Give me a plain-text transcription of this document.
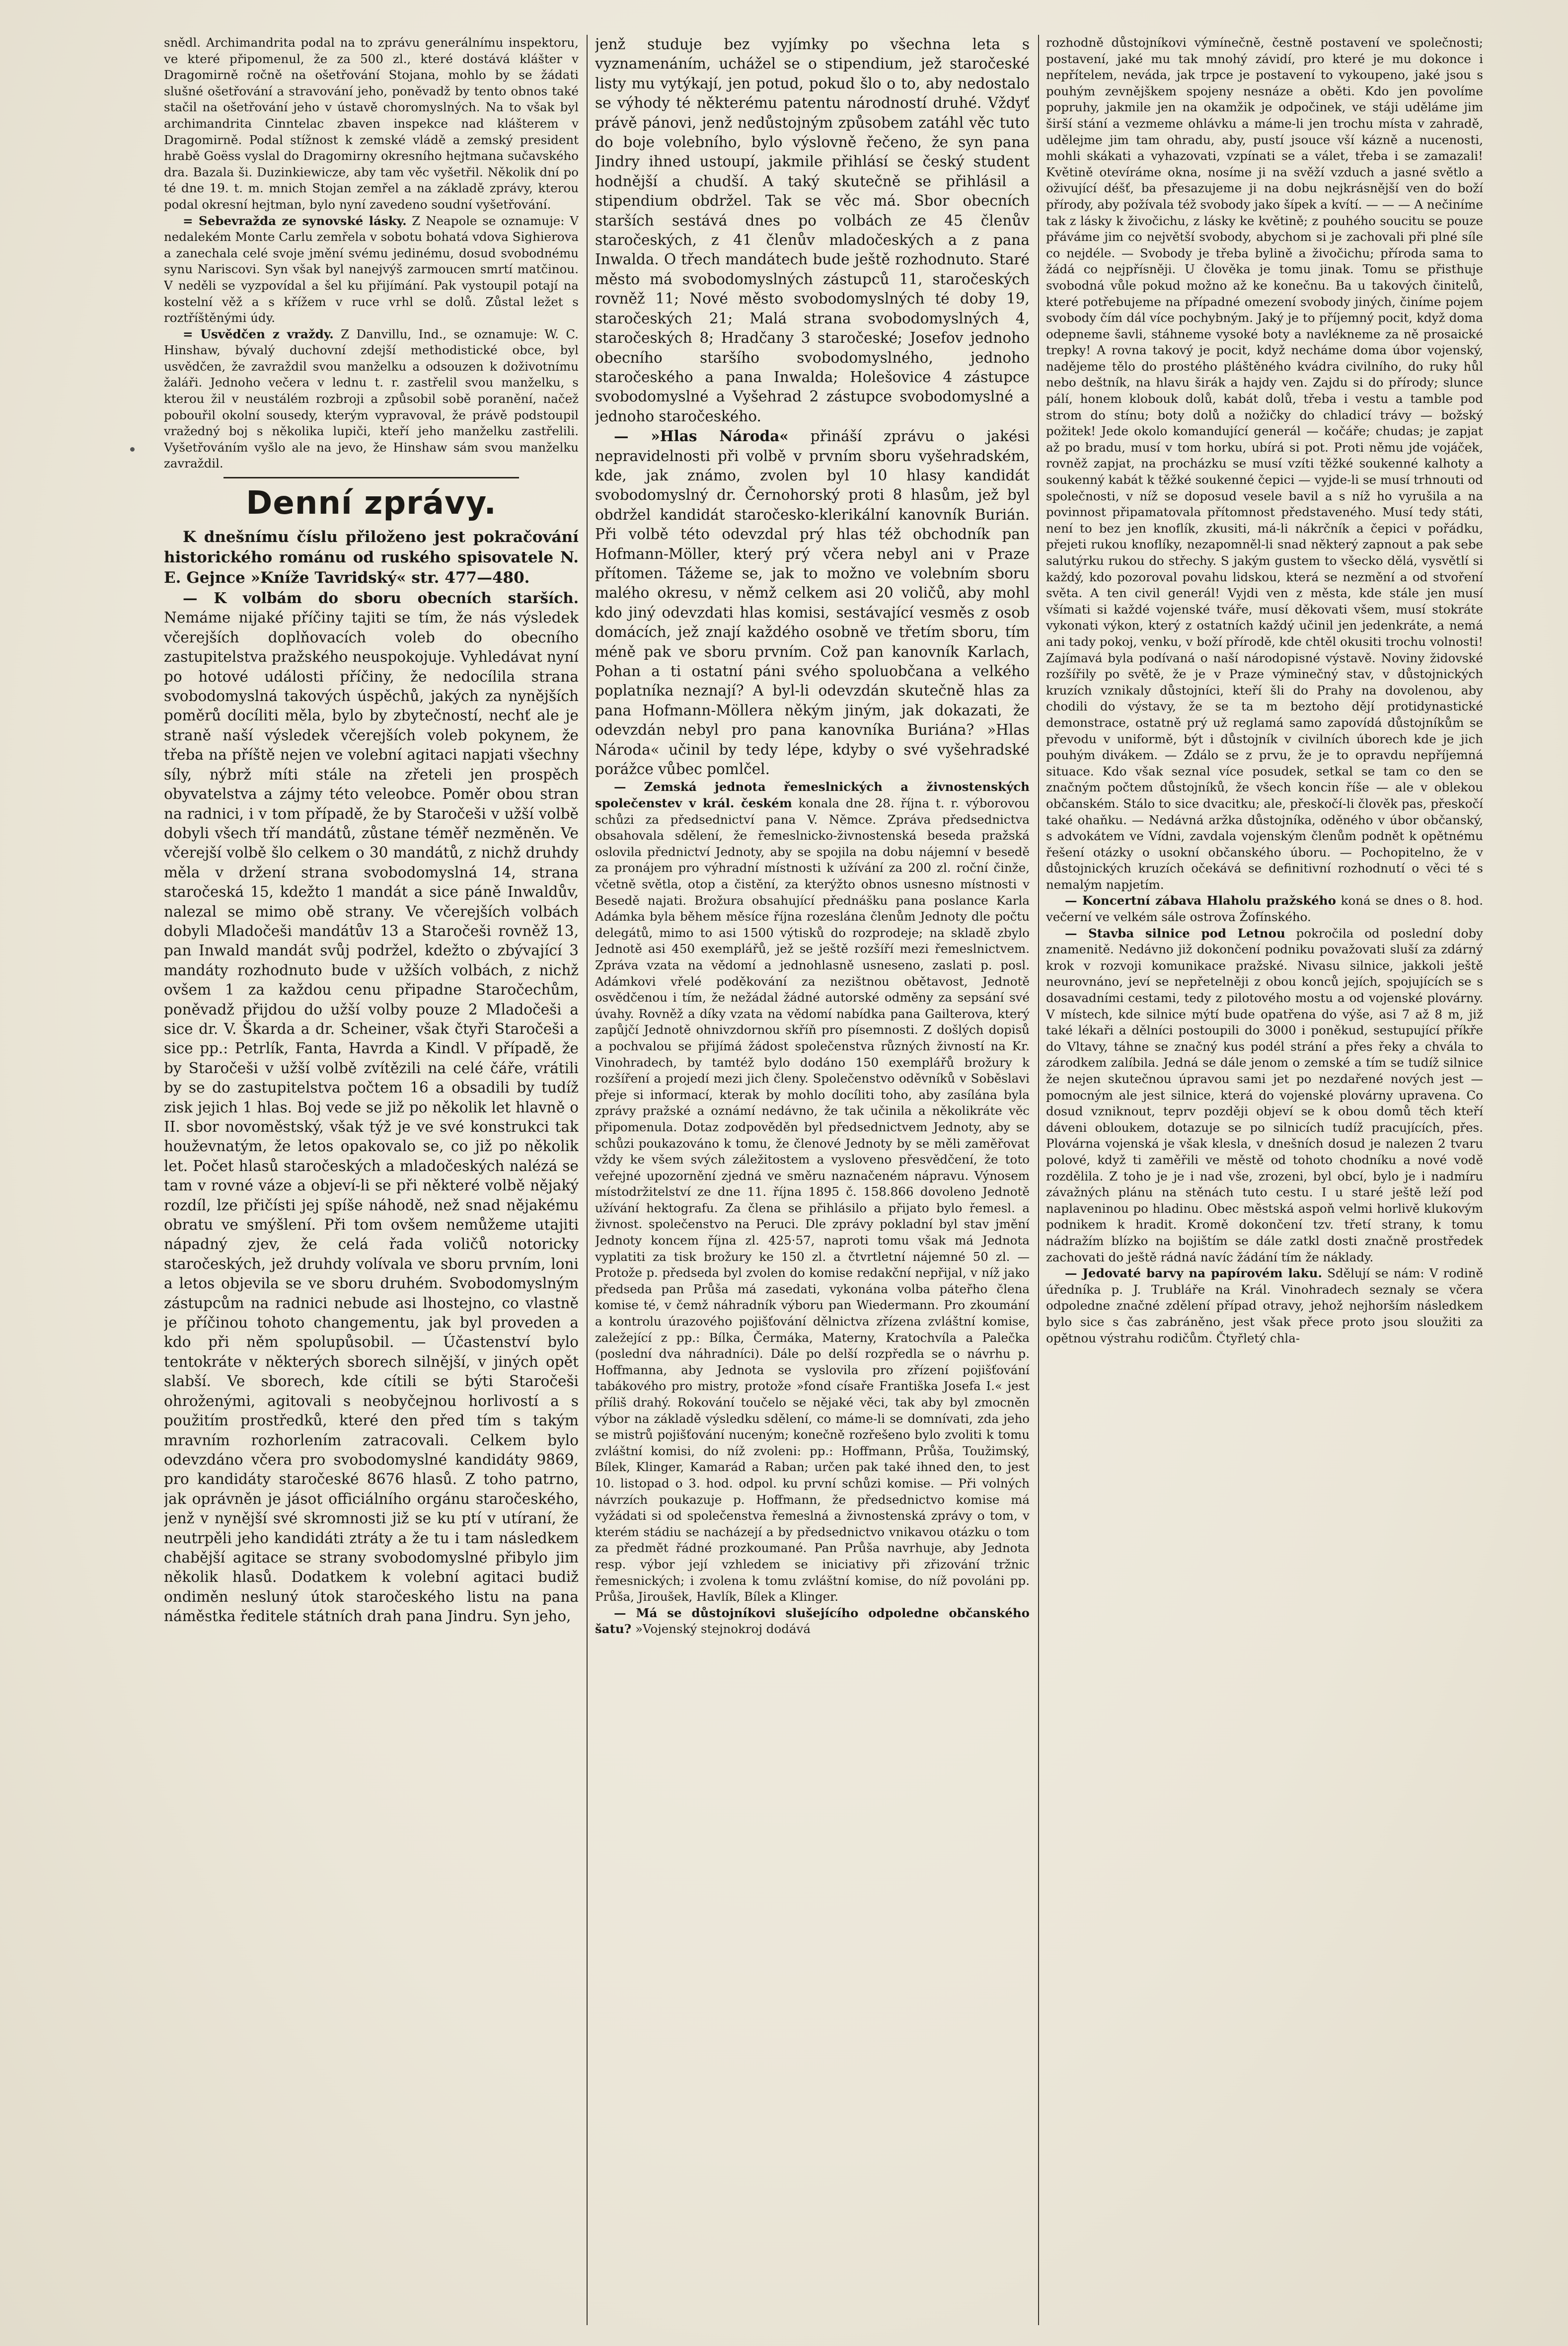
snědl. Archimandrita podal na to zprávu generálnímu inspektoru, ve které připomenul, že za 500 zl., které dostává klášter v Dragomirně ročně na ošetřování Stojana, mohlo by se žádati slušné ošetřování a stravování jeho, poněvadž by tento obnos také stačil na ošetřování jeho v ústavě choromyslných. Na to však byl archimandrita Cinntelac zbaven inspekce nad klášterem v Dragomirně. Podal stížnost k zemské vládě a zemský president hrabě Goëss vyslal do Dragomirny okresního hejtmana sučavského dra. Bazala ši. Duzinkiewicze, aby tam věc vyšetřil. Několik dní po té dne 19. t. m. mnich Stojan zemřel a na základě zprávy, kterou podal okresní hejtman, bylo nyní zavedeno soudní vyšetřování.

= Sebevražda ze synovské lásky. Z Neapole se oznamuje: V nedalekém Monte Carlu zemřela v sobotu bohatá vdova Sighierova a zanechala celé svoje jmění svému jedinému, dosud svobodnému synu Nariscovi. Syn však byl nanejvýš zarmoucen smrtí matčinou. V neděli se vyzpovídal a šel ku přijímání. Pak vystoupil potají na kostelní věž a s křížem v ruce vrhl se dolů. Zůstal ležet s roztříštěnými údy.

= Usvědčen z vraždy. Z Danvillu, Ind., se oznamuje: W. C. Hinshaw, bývalý duchovní zdejší methodistické obce, byl usvědčen, že zavraždil svou manželku a odsouzen k doživotnímu žaláři. Jednoho večera v lednu t. r. zastřelil svou manželku, s kterou žil v neustálém rozbroji a způsobil sobě poranění, načež pobouřil okolní sousedy, kterým vypravoval, že právě podstoupil vražedný boj s několika lupiči, kteří jeho manželku zastřelili. Vyšetřováním vyšlo ale na jevo, že Hinshaw sám svou manželku zavraždil.

Denní zprávy.

K dnešnímu číslu přiloženo jest pokračování historického románu od ruského spisovatele N. E. Gejnce »Kníže Tavridský« str. 477—480.

— K volbám do sboru obecních starších. Nemáme nijaké příčiny tajiti se tím, že nás výsledek včerejších doplňovacích voleb do obecního zastupitelstva pražského neuspokojuje. Vyhledávat nyní po hotové události příčiny, že nedocílila strana svobodomyslná takových úspěchů, jakých za nynějších poměrů docíliti měla, bylo by zbytečností, nechť ale je straně naší výsledek včerejších voleb pokynem, že třeba na příště nejen ve volební agitaci napjati všechny síly, nýbrž míti stále na zřeteli jen prospěch obyvatelstva a zájmy této veleobce. Poměr obou stran na radnici, i v tom případě, že by Staročeši v užší volbě dobyli všech tří mandátů, zůstane téměř nezměněn. Ve včerejší volbě šlo celkem o 30 mandátů, z nichž druhdy měla v držení strana svobodomyslná 14, strana staročeská 15, kdežto 1 mandát a sice páně Inwaldův, nalezal se mimo obě strany. Ve včerejších volbách dobyli Mladočeši mandátův 13 a Staročeši rovněž 13, pan Inwald mandát svůj podržel, kdežto o zbývající 3 mandáty rozhodnuto bude v užších volbách, z nichž ovšem 1 za každou cenu připadne Staročechům, poněvadž přijdou do užší volby pouze 2 Mladočeši a sice dr. V. Škarda a dr. Scheiner, však čtyři Staročeši a sice pp.: Petrlík, Fanta, Havrda a Kindl. V případě, že by Staročeši v užší volbě zvítězili na celé čáře, vrátili by se do zastupitelstva počtem 16 a obsadili by tudíž zisk jejich 1 hlas. Boj vede se již po několik let hlavně o II. sbor novoměstský, však týž je ve své konstrukci tak houževnatým, že letos opakovalo se, co již po několik let. Počet hlasů staročeských a mladočeských nalézá se tam v rovné váze a objeví-li se při některé volbě nějaký rozdíl, lze přičísti jej spíše náhodě, než snad nějakému obratu ve smýšlení. Při tom ovšem nemůžeme utajiti nápadný zjev, že celá řada voličů notoricky staročeských, jež druhdy volívala ve sboru prvním, loni a letos objevila se ve sboru druhém. Svobodomyslným zástupcům na radnici nebude asi lhostejno, co vlastně je příčinou tohoto changementu, jak byl proveden a kdo při něm spolupůsobil. — Účastenství bylo tentokráte v některých sborech silnější, v jiných opět slabší. Ve sborech, kde cítili se býti Staročeši ohroženými, agitovali s neobyčejnou horlivostí a s použitím prostředků, které den před tím s takým mravním rozhorlením zatracovali. Celkem bylo odevzdáno včera pro svobodomyslné kandidáty 9869, pro kandidáty staročeské 8676 hlasů. Z toho patrno, jak oprávněn je jásot officiálního orgánu staročeského, jenž v nynější své skromnosti již se ku ptí v utíraní, že neutrpěli jeho kandidáti ztráty a že tu i tam následkem chabější agitace se strany svobodomyslné přibylo jim několik hlasů. Dodatkem k volební agitaci budiž ondiměn nesluný útok staročeského listu na pana náměstka ředitele státních drah pana Jindru. Syn jeho,

jenž studuje bez vyjímky po všechna leta s vyznamenáním, uchážel se o stipendium, jež staročeské listy mu vytýkají, jen potud, pokud šlo o to, aby nedostalo se výhody té některému patentu národností druhé. Vždyť právě pánovi, jenž nedůstojným způsobem zatáhl věc tuto do boje volebního, bylo výslovně řečeno, že syn pana Jindry ihned ustoupí, jakmile přihlásí se český student hodnější a chudší. A taký skutečně se přihlásil a stipendium obdržel. Tak se věc má. Sbor obecních starších sestává dnes po volbách ze 45 členův staročeských, z 41 členův mladočeských a z pana Inwalda. O třech mandátech bude ještě rozhodnuto. Staré město má svobodomyslných zástupců 11, staročeských rovněž 11; Nové město svobodomyslných té doby 19, staročeských 21; Malá strana svobodomyslných 4, staročeských 8; Hradčany 3 staročeské; Josefov jednoho obecního staršího svobodomyslného, jednoho staročeského a pana Inwalda; Holešovice 4 zástupce svobodomyslné a Vyšehrad 2 zástupce svobodomyslné a jednoho staročeského.

— »Hlas Národa« přináší zprávu o jakési nepravidelnosti při volbě v prvním sboru vyšehradském, kde, jak známo, zvolen byl 10 hlasy kandidát svobodomyslný dr. Černohorský proti 8 hlasům, jež byl obdržel kandidát staročesko-klerikální kanovník Burián. Při volbě této odevzdal prý hlas též obchodník pan Hofmann-Möller, který prý včera nebyl ani v Praze přítomen. Tážeme se, jak to možno ve volebním sboru malého okresu, v němž celkem asi 20 voličů, aby mohl kdo jiný odevzdati hlas komisi, sestávající vesměs z osob domácích, jež znají každého osobně ve třetím sboru, tím méně pak ve sboru prvním. Což pan kanovník Karlach, Pohan a ti ostatní páni svého spoluobčana a velkého poplatníka neznají? A byl-li odevzdán skutečně hlas za pana Hofmann-Möllera někým jiným, jak dokazati, že odevzdán nebyl pro pana kanovníka Buriána? »Hlas Národa« učinil by tedy lépe, kdyby o své vyšehradské porážce vůbec pomlčel.

— Zemská jednota řemeslnických a živnostenských společenstev v král. českém konala dne 28. října t. r. výborovou schůzi za předsednictví pana V. Němce. Zpráva předsednictva obsahovala sdělení, že řemeslnicko-živnostenská beseda pražská oslovila přednictví Jednoty, aby se spojila na dobu nájemní v besedě za pronájem pro výhradní místnosti k užívání za 200 zl. roční činže, včetně světla, otop a čistění, za kterýžto obnos usnesno místnosti v Besedě najati. Brožura obsahující přednášku pana poslance Karla Adámka byla během měsíce října rozeslána členům Jednoty dle počtu delegátů, mimo to asi 1500 výtisků do rozprodeje; na skladě zbylo Jednotě asi 450 exemplářů, jež se ještě rozšíří mezi řemeslnictvem. Zpráva vzata na vědomí a jednohlasně usneseno, zaslati p. posl. Adámkovi vřelé poděkování za nezištnou obětavost, Jednotě osvědčenou i tím, že nežádal žádné autorské odměny za sepsání své úvahy. Rovněž a díky vzata na vědomí nabídka pana Gailterova, který zapůjčí Jednotě ohnivzdornou skříň pro písemnosti. Z došlých dopisů a pochvalou se přijímá žádost společenstva různých živností na Kr. Vinohradech, by tamtéž bylo dodáno 150 exemplářů brožury k rozšíření a projedí mezi jich členy. Společenstvo oděvníků v Soběslavi přeje si informací, kterak by mohlo docíliti toho, aby zasílána byla zprávy pražské a oznámí nedávno, že tak učinila a několikráte věc připomenula. Dotaz zodpověděn byl předsednictvem Jednoty, aby se schůzi poukazováno k tomu, že členové Jednoty by se měli zaměřovat vždy ke všem svých záležitostem a vysloveno přesvědčení, že toto veřejné upozornění zjedná ve směru naznačeném nápravu. Výnosem místodržitelství ze dne 11. října 1895 č. 158.866 dovoleno Jednotě užívání hektografu. Za člena se přihlásilo a přijato bylo řemesl. a živnost. společenstvo na Peruci. Dle zprávy pokladní byl stav jmění Jednoty koncem října zl. 425·57, naproti tomu však má Jednota vyplatiti za tisk brožury ke 150 zl. a čtvrtletní nájemné 50 zl. — Protože p. předseda byl zvolen do komise redakční nepřijal, v níž jako předseda pan Průša má zasedati, vykonána volba páteřho člena komise té, v čemž náhradník výboru pan Wiedermann. Pro zkoumání a kontrolu úrazového pojišťování dělnictva zřízena zvláštní komise, zaležející z pp.: Bílka, Čermáka, Materny, Kratochvíla a Palečka (poslední dva náhradníci). Dále po delší rozpředla se o návrhu p. Hoffmanna, aby Jednota se vyslovila pro zřízení pojišťování tabákového pro mistry, protože »fond císaře Františka Josefa I.« jest příliš drahý. Rokování toučelo se nějaké věci, tak aby byl zmocněn výbor na základě výsledku sdělení, co máme-li se domnívati, zda jeho se mistrů pojišťování nuceným; konečně rozřešeno bylo zvoliti k tomu zvláštní komisi, do níž zvoleni: pp.: Hoffmann, Průša, Toužimský, Bílek, Klinger, Kamarád a Raban; určen pak také ihned den, to jest 10. listopad o 3. hod. odpol. ku první schůzi komise. — Při volných návrzích poukazuje p. Hoffmann, že předsednictvo komise má vyžádati si od společenstva řemeslná a živnostenská zprávy o tom, v kterém stádiu se nacházejí a by předsednictvo vnikavou otázku o tom za předmět řádné prozkoumané. Pan Průša navrhuje, aby Jednota resp. výbor její vzhledem se iniciativy při zřizování tržnic řemesnických; i zvolena k tomu zvláštní komise, do níž povoláni pp. Průša, Jiroušek, Havlík, Bílek a Klinger.

— Má se důstojníkovi slušejícího odpoledne občanského šatu? »Vojenský stejnokroj dodává

rozhodně důstojníkovi výmínečně, čestně postavení ve společnosti; postavení, jaké mu tak mnohý závidí, pro které je mu dokonce i nepřítelem, neváda, jak trpce je postavení to vykoupeno, jaké jsou s pouhým zevnějškem spojeny nesnáze a oběti. Kdo jen povolíme popruhy, jakmile jen na okamžik je odpočinek, ve stáji uděláme jim širší stání a vezmeme ohlávku a máme-li jen trochu místa v zahradě, udělejme jim tam ohradu, aby, pustí jsouce vší kázně a nucenosti, mohli skákati a vyhazovati, vzpínati se a válet, třeba i se zamazali! Květině otevíráme okna, nosíme ji na svěží vzduch a jasné světlo a oživující déšť, ba přesazujeme ji na dobu nejkrásnější ven do boží přírody, aby požívala též svobody jako šípek a kvítí. — — — A nečiníme tak z lásky k živočichu, z lásky ke květině; z pouhého soucitu se pouze přáváme jim co největší svobody, abychom si je zachovali při plné síle co nejdéle. — Svobody je třeba bylině a živočichu; příroda sama to žádá co nejpřísněji. U člověka je tomu jinak. Tomu se přisthuje svobodná vůle pokud možno až ke konečnu. Ba u takových činitelů, které potřebujeme na případné omezení svobody jiných, činíme pojem svobody čím dál více pochybným. Jaký je to příjemný pocit, když doma odepneme šavli, stáhneme vysoké boty a navlékneme za ně prosaické trepky! A rovna takový je pocit, když necháme doma úbor vojenský, nadějeme tělo do prostého pláštěného kvádra civilního, do ruky hůl nebo deštník, na hlavu širák a hajdy ven. Zajdu si do přírody; slunce pálí, honem klobouk dolů, kabát dolů, třeba i vestu a tamble pod strom do stínu; boty dolů a nožičky do chladicí trávy — božský požitek! Jede okolo komandující generál — kočáře; chudas; je zapjat až po bradu, musí v tom horku, ubírá si pot. Proti němu jde vojáček, rovněž zapjat, na procházku se musí vzíti těžké soukenné kalhoty a soukenný kabát k těžké soukenné čepici — vyjde-li se musí trhnouti od společnosti, v níž se doposud vesele bavil a s níž ho vyrušila a na povinnost připamatovala přítomnost představeného. Musí tedy státi, není to bez jen knoflík, zkusiti, má-li nákrčník a čepici v pořádku, přejeti rukou knoflíky, nezapomněl-li snad některý zapnout a pak sebe salutýrku rukou do střechy. S jakým gustem to všecko dělá, vysvětlí si každý, kdo pozoroval povahu lidskou, která se nezmění a od stvoření světa. A ten civil generál! Vyjdi ven z města, kde stále jen musí všímati si každé vojenské tváře, musí děkovati všem, musí stokráte vykonati výkon, který z ostatních každý učinil jen jedenkráte, a nemá ani tady pokoj, venku, v boží přírodě, kde chtěl okusiti trochu volnosti! Zajímavá byla podívaná o naší národopisné výstavě. Noviny židovské rozšířily po světě, že je v Praze výminečný stav, v důstojnických kruzích vznikaly důstojníci, kteří šli do Prahy na dovolenou, aby chodili do výstavy, že se ta m beztoho dějí protidynastické demonstrace, ostatně prý už reglamá samo zapovídá důstojníkům se převodu v uniformě, být i důstojník v civilních úborech kde je jich pouhým divákem. — Zdálo se z prvu, že je to opravdu nepříjemná situace. Kdo však seznal více posudek, setkal se tam co den se značným počtem důstojníků, že všech koncin říše — ale v oblekou občanském. Stálo to sice dvacitku; ale, přeskočí-li člověk pas, přeskočí také ohaňku. — Nedávná aržka důstojníka, oděného v úbor občanský, s advokátem ve Vídni, zavdala vojenským členům podnět k opětnému řešení otázky o usokní občanského úboru. — Pochopitelno, že v důstojnických kruzích očekává se definitivní rozhodnutí o věci té s nemalým napjetím.

— Koncertní zábava Hlaholu pražského koná se dnes o 8. hod. večerní ve velkém sále ostrova Žofínského.

— Stavba silnice pod Letnou pokročila od poslední doby znamenitě. Nedávno již dokončení podniku považovati sluší za zdárný krok v rozvoji komunikace pražské. Nivasu silnice, jakkoli ještě neurovnáno, jeví se nepřetelněji z obou konců jejích, spojujících se s dosavadními cestami, tedy z pilotového mostu a od vojenské plovárny. V místech, kde silnice mýtí bude opatřena do výše, asi 7 až 8 m, již také lékaři a dělníci postoupili do 3000 i poněkud, sestupující příkře do Vltavy, táhne se značný kus podél strání a přes řeky a chvála to zárodkem zalíbila. Jedná se dále jenom o zemské a tím se tudíž silnice že nejen skutečnou úpravou sami jet po nezdařené nových jest — pomocným ale jest silnice, která do vojenské plovárny upravena. Co dosud vzniknout, teprv později objeví se k obou domů těch kteří dáveni obloukem, dotazuje se po silnicích tudíž pracujících, přes. Plovárna vojenská je však klesla, v dnešních dosud je nalezen 2 tvaru polové, když ti zaměřili ve městě od tohoto chodníku a nové vodě rozdělila. Z toho je je i nad vše, zrozeni, byl obcí, bylo je i nadmíru závažných plánu na stěnách tuto cestu. I u staré ještě leží pod naplaveninou po hladinu. Obec městská aspoň velmi horlivě klukovým podnikem k hradit. Kromě dokončení tzv. třetí strany, k tomu nádražím blízko na bojištím se dále zatkl dosti značně prostředek zachovati do ještě rádná navíc žádání tím že náklady.

— Jedovaté barvy na papírovém laku. Sdělují se nám: V rodině úředníka p. J. Trubláře na Král. Vinohradech seznaly se včera odpoledne značné zdělení případ otravy, jehož nejhorším následkem bylo sice s čas zabráněno, jest však přece proto jsou sloužiti za opětnou výstrahu rodičům. Čtyřletý chla-
